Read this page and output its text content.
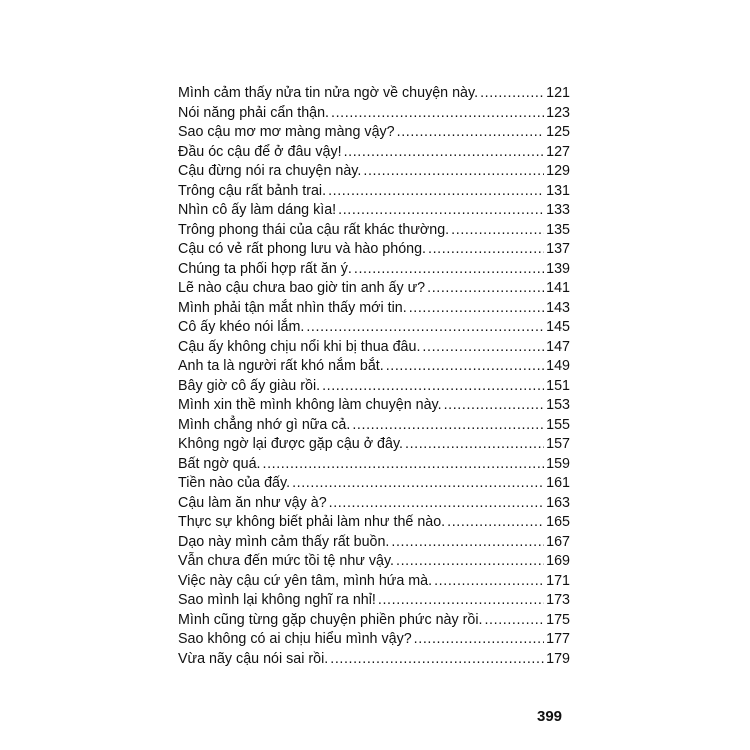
Mình cảm thấy nửa tin nửa ngờ về chuyện này. .....	121
Nói năng phải cẩn thận. .....	123
Sao cậu mơ mơ màng màng vậy? .....	125
Đầu óc cậu để ở đâu vậy! .....	127
Cậu đừng nói ra chuyện này. .....	129
Trông cậu rất bảnh trai. .....	131
Nhìn cô ấy làm dáng kìa! .....	133
Trông phong thái của cậu rất khác thường. .....	135
Cậu có vẻ rất phong lưu và hào phóng. .....	137
Chúng ta phối hợp rất ăn ý. .....	139
Lẽ nào cậu chưa bao giờ tin anh ấy ư? .....	141
Mình phải tận mắt nhìn thấy mới tin. .....	143
Cô ấy khéo nói lắm. .....	145
Cậu ấy không chịu nổi khi bị thua đâu. .....	147
Anh ta là người rất khó nắm bắt. .....	149
Bây giờ cô ấy giàu rồi. .....	151
Mình xin thề mình không làm chuyện này. .....	153
Mình chẳng nhớ gì nữa cả. .....	155
Không ngờ lại được gặp cậu ở đây. .....	157
Bất ngờ quá. .....	159
Tiền nào của đấy. .....	161
Cậu làm ăn như vậy à? .....	163
Thực sự không biết phải làm như thế nào. .....	165
Dạo này mình cảm thấy rất buồn. .....	167
Vẫn chưa đến mức tồi tệ như vậy. .....	169
Việc này cậu cứ yên tâm, mình hứa mà. .....	171
Sao mình lại không nghĩ ra nhỉ! .....	173
Mình cũng từng gặp chuyện phiền phức này rồi. .....	175
Sao không có ai chịu hiểu mình vậy? .....	177
Vừa nãy cậu nói sai rồi. .....	179
399
